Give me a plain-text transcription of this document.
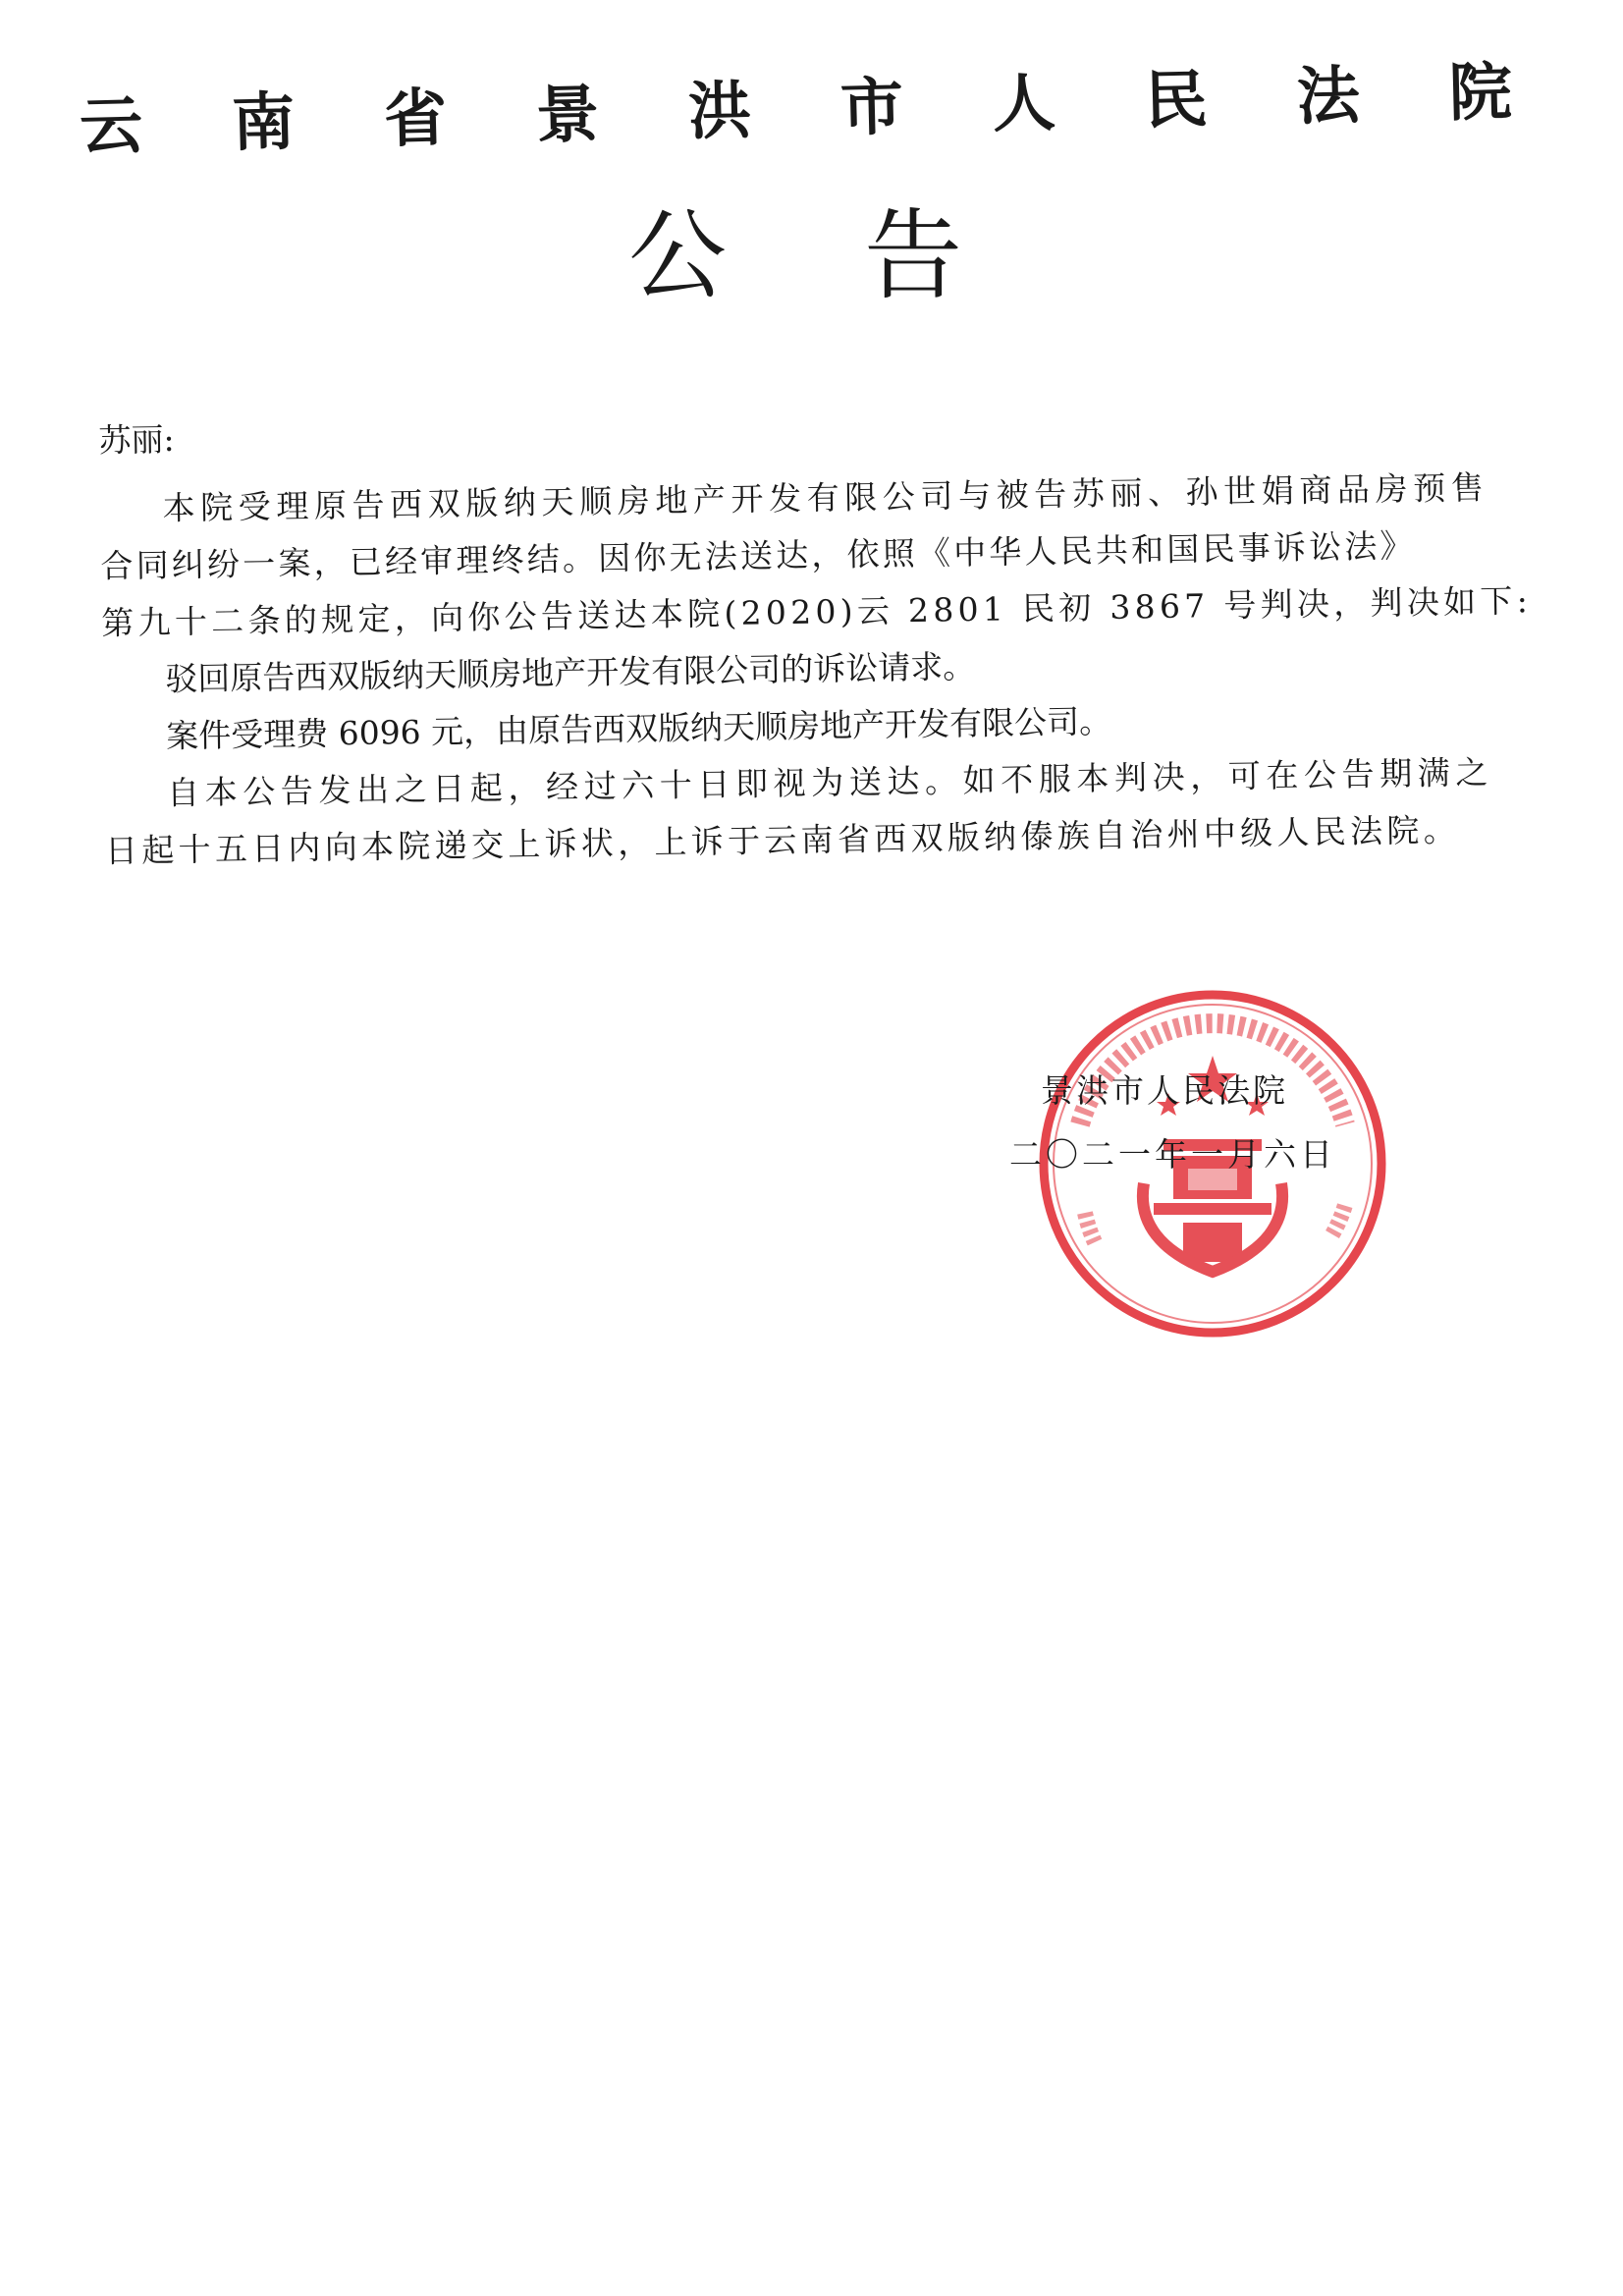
云南省景洪市人民法院
公告

苏丽:

本院受理原告西双版纳天顺房地产开发有限公司与被告苏丽、孙世娟商品房预售

合同纠纷一案，已经审理终结。因你无法送达，依照《中华人民共和国民事诉讼法》

第九十二条的规定，向你公告送达本院(2020)云 2801 民初 3867 号判决，判决如下:

驳回原告西双版纳天顺房地产开发有限公司的诉讼请求。

案件受理费 6096 元，由原告西双版纳天顺房地产开发有限公司。

自本公告发出之日起，经过六十日即视为送达。如不服本判决，可在公告期满之

日起十五日内向本院递交上诉状，上诉于云南省西双版纳傣族自治州中级人民法院。

景洪市人民法院

二〇二一年一月六日
